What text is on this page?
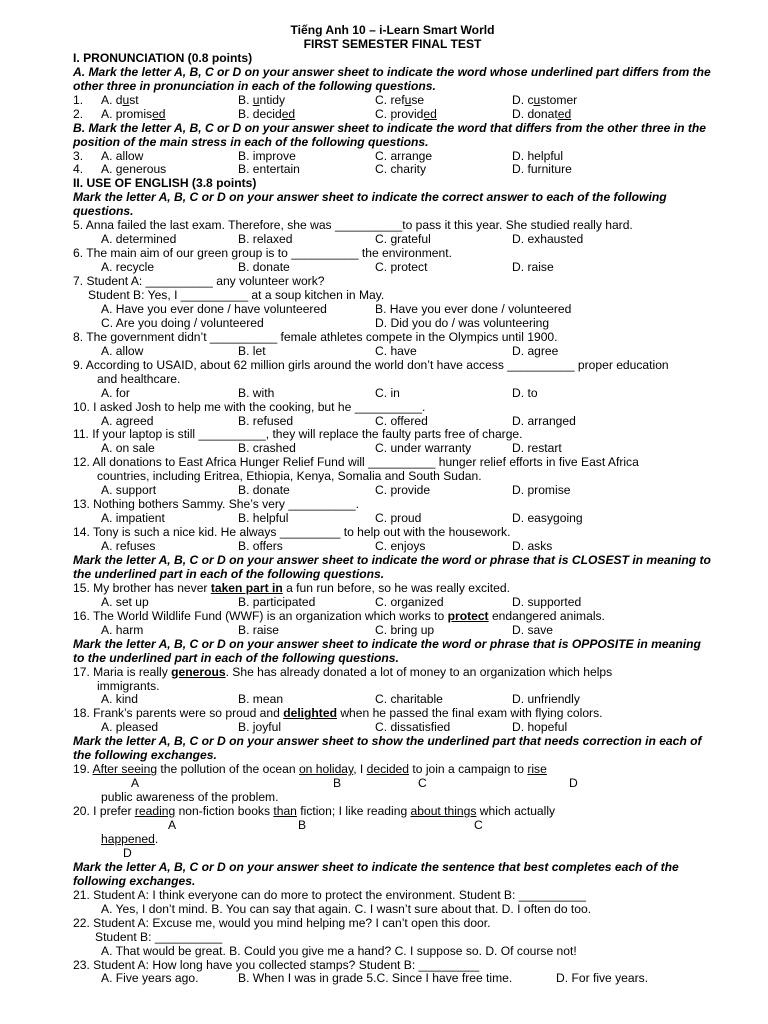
Tiếng Anh 10 – i-Learn Smart World
FIRST SEMESTER FINAL TEST
I. PRONUNCIATION (0.8 points)
A. Mark the letter A, B, C or D on your answer sheet to indicate the word whose underlined part differs from the other three in pronunciation in each of the following questions.
1. A. dust	B. untidy	C. refuse	D. customer
2. A. promised	B. decided	C. provided	D. donated
B. Mark the letter A, B, C or D on your answer sheet to indicate the word that differs from the other three in the position of the main stress in each of the following questions.
3. A. allow	B. improve	C. arrange	D. helpful
4. A. generous	B. entertain	C. charity	D. furniture
II. USE OF ENGLISH (3.8 points)
Mark the letter A, B, C or D on your answer sheet to indicate the correct answer to each of the following questions.
5. Anna failed the last exam. Therefore, she was __________to pass it this year. She studied really hard.
A. determined	B. relaxed	C. grateful	D. exhausted
6. The main aim of our green group is to __________ the environment.
A. recycle	B. donate	C. protect	D. raise
7. Student A: __________ any volunteer work?
Student B: Yes, I __________ at a soup kitchen in May.
A. Have you ever done / have volunteered	B. Have you ever done / volunteered
C. Are you doing / volunteered	D. Did you do / was volunteering
8. The government didn’t __________ female athletes compete in the Olympics until 1900.
A. allow	B. let	C. have	D. agree
9. According to USAID, about 62 million girls around the world don’t have access __________ proper education
and healthcare.
A. for	B. with	C. in	D. to
10. I asked Josh to help me with the cooking, but he __________.
A. agreed	B. refused	C. offered	D. arranged
11. If your laptop is still __________, they will replace the faulty parts free of charge.
A. on sale	B. crashed	C. under warranty	D. restart
12. All donations to East Africa Hunger Relief Fund will __________ hunger relief efforts in five East Africa
countries, including Eritrea, Ethiopia, Kenya, Somalia and South Sudan.
A. support	B. donate	C. provide	D. promise
13. Nothing bothers Sammy. She’s very __________.
A. impatient	B. helpful	C. proud	D. easygoing
14. Tony is such a nice kid. He always _________ to help out with the housework.
A. refuses	B. offers	C. enjoys	D. asks
Mark the letter A, B, C or D on your answer sheet to indicate the word or phrase that is CLOSEST in meaning to the underlined part in each of the following questions.
15. My brother has never taken part in a fun run before, so he was really excited.
A. set up	B. participated	C. organized	D. supported
16. The World Wildlife Fund (WWF) is an organization which works to protect endangered animals.
A. harm	B. raise	C. bring up	D. save
Mark the letter A, B, C or D on your answer sheet to indicate the word or phrase that is OPPOSITE in meaning to the underlined part in each of the following questions.
17. Maria is really generous. She has already donated a lot of money to an organization which helps
immigrants.
A. kind	B. mean	C. charitable	D. unfriendly
18. Frank’s parents were so proud and delighted when he passed the final exam with flying colors.
A. pleased	B. joyful	C. dissatisfied	D. hopeful
Mark the letter A, B, C or D on your answer sheet to show the underlined part that needs correction in each of the following exchanges.
19. After seeing the pollution of the ocean on holiday, I decided to join a campaign to rise
A	B	C	D
public awareness of the problem.
20. I prefer reading non-fiction books than fiction; I like reading about things which actually
A	B	C
happened.
D
Mark the letter A, B, C or D on your answer sheet to indicate the sentence that best completes each of the following exchanges.
21. Student A: I think everyone can do more to protect the environment. Student B: __________
A. Yes, I don’t mind. B. You can say that again. C. I wasn’t sure about that. D. I often do too.
22. Student A: Excuse me, would you mind helping me? I can’t open this door.
Student B: __________
A. That would be great. B. Could you give me a hand? C. I suppose so. D. Of course not!
23. Student A: How long have you collected stamps? Student B: _________
A. Five years ago.	B. When I was in grade 5.C. Since I have free time.	D. For five years.
